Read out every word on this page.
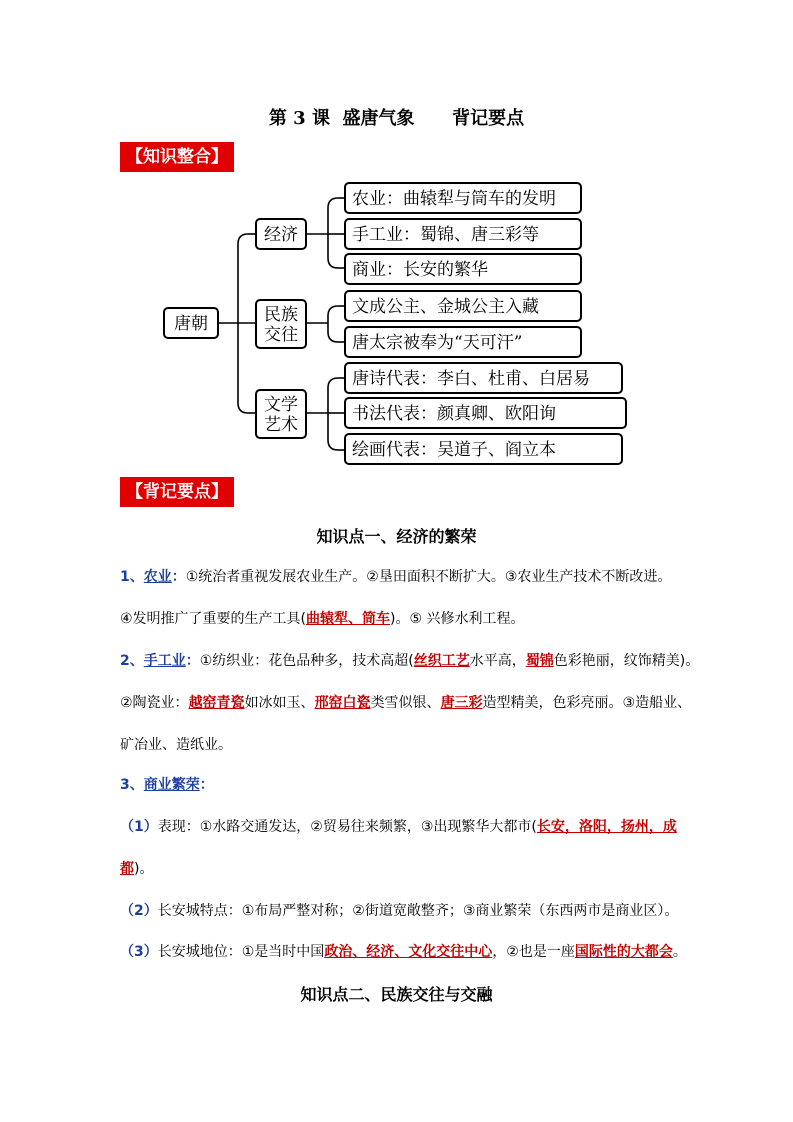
第 3 课  盛唐气象      背记要点
【知识整合】
唐朝
经济
民族
交往
文学
艺术
农业：曲辕犁与筒车的发明
手工业：蜀锦、唐三彩等
商业：长安的繁华
文成公主、金城公主入藏
唐太宗被奉为“天可汗”
唐诗代表：李白、杜甫、白居易
书法代表：颜真卿、欧阳询
绘画代表：吴道子、阎立本
【背记要点】
知识点一、经济的繁荣
1、农业：①统治者重视发展农业生产。②垦田面积不断扩大。③农业生产技术不断改进。
④发明推广了重要的生产工具(曲辕犁、筒车)。⑤ 兴修水利工程。
2、手工业：①纺织业：花色品种多，技术高超(丝织工艺水平高，蜀锦色彩艳丽，纹饰精美)。
②陶瓷业：越窑青瓷如冰如玉、邢窑白瓷类雪似银、唐三彩造型精美，色彩亮丽。③造船业、
矿冶业、造纸业。
3、商业繁荣：
（1）表现：①水路交通发达，②贸易往来频繁，③出现繁华大都市(长安，洛阳，扬州，成
都)。
（2）长安城特点：①布局严整对称；②街道宽敞整齐；③商业繁荣（东西两市是商业区）。
（3）长安城地位：①是当时中国政治、经济、文化交往中心，②也是一座国际性的大都会。
知识点二、民族交往与交融
